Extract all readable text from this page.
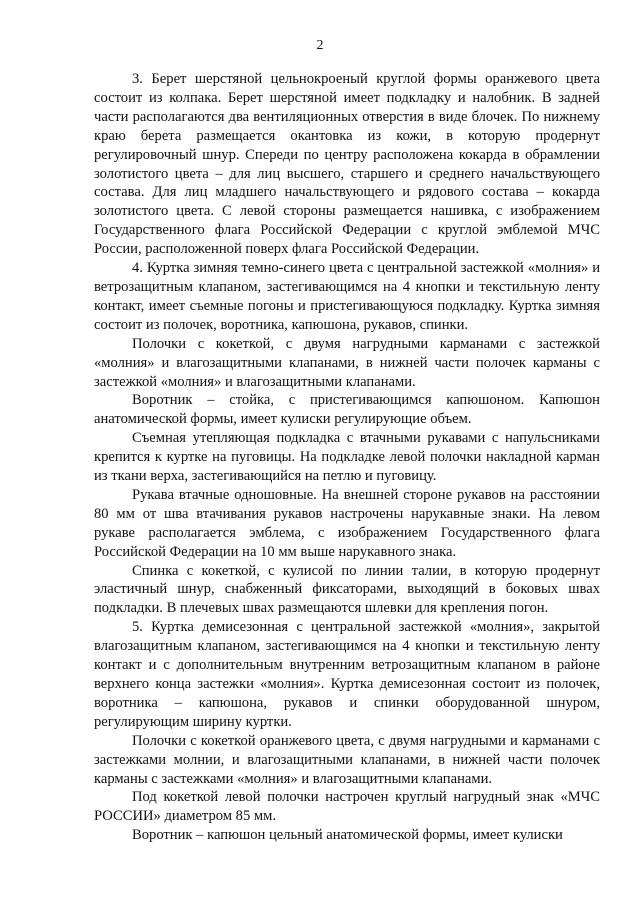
2

3. Берет шерстяной цельнокроеный круглой формы оранжевого цвета состоит из колпака. Берет шерстяной имеет подкладку и налобник. В задней части располагаются два вентиляционных отверстия в виде блочек. По нижнему краю берета размещается окантовка из кожи, в которую продернут регулировочный шнур. Спереди по центру расположена кокарда в обрамлении золотистого цвета – для лиц высшего, старшего и среднего начальствующего состава. Для лиц младшего начальствующего и рядового состава – кокарда золотистого цвета. С левой стороны размещается нашивка, с изображением Государственного флага Российской Федерации с круглой эмблемой МЧС России, расположенной поверх флага Российской Федерации.

4. Куртка зимняя темно-синего цвета с центральной застежкой «молния» и ветрозащитным клапаном, застегивающимся на 4 кнопки и текстильную ленту контакт, имеет съемные погоны и пристегивающуюся подкладку. Куртка зимняя состоит из полочек, воротника, капюшона, рукавов, спинки.

Полочки с кокеткой, с двумя нагрудными карманами с застежкой «молния» и влагозащитными клапанами, в нижней части полочек карманы с застежкой «молния» и влагозащитными клапанами.

Воротник – стойка, с пристегивающимся капюшоном. Капюшон анатомической формы, имеет кулиски регулирующие объем.

Съемная утепляющая подкладка с втачными рукавами с напульсниками крепится к куртке на пуговицы. На подкладке левой полочки накладной карман из ткани верха, застегивающийся на петлю и пуговицу.

Рукава втачные одношовные. На внешней стороне рукавов на расстоянии 80 мм от шва втачивания рукавов настрочены нарукавные знаки. На левом рукаве располагается эмблема, с изображением Государственного флага Российской Федерации на 10 мм выше нарукавного знака.

Спинка с кокеткой, с кулисой по линии талии, в которую продернут эластичный шнур, снабженный фиксаторами, выходящий в боковых швах подкладки. В плечевых швах размещаются шлевки для крепления погон.

5. Куртка демисезонная с центральной застежкой «молния», закрытой влагозащитным клапаном, застегивающимся на 4 кнопки и текстильную ленту контакт и с дополнительным внутренним ветрозащитным клапаном в районе верхнего конца застежки «молния». Куртка демисезонная состоит из полочек, воротника – капюшона, рукавов и спинки оборудованной шнуром, регулирующим ширину куртки.

Полочки с кокеткой оранжевого цвета, с двумя нагрудными и карманами с застежками молнии, и влагозащитными клапанами, в нижней части полочек карманы с застежками «молния» и влагозащитными клапанами.

Под кокеткой левой полочки настрочен круглый нагрудный знак «МЧС РОССИИ» диаметром 85 мм.

Воротник – капюшон цельный анатомической формы, имеет кулиски
